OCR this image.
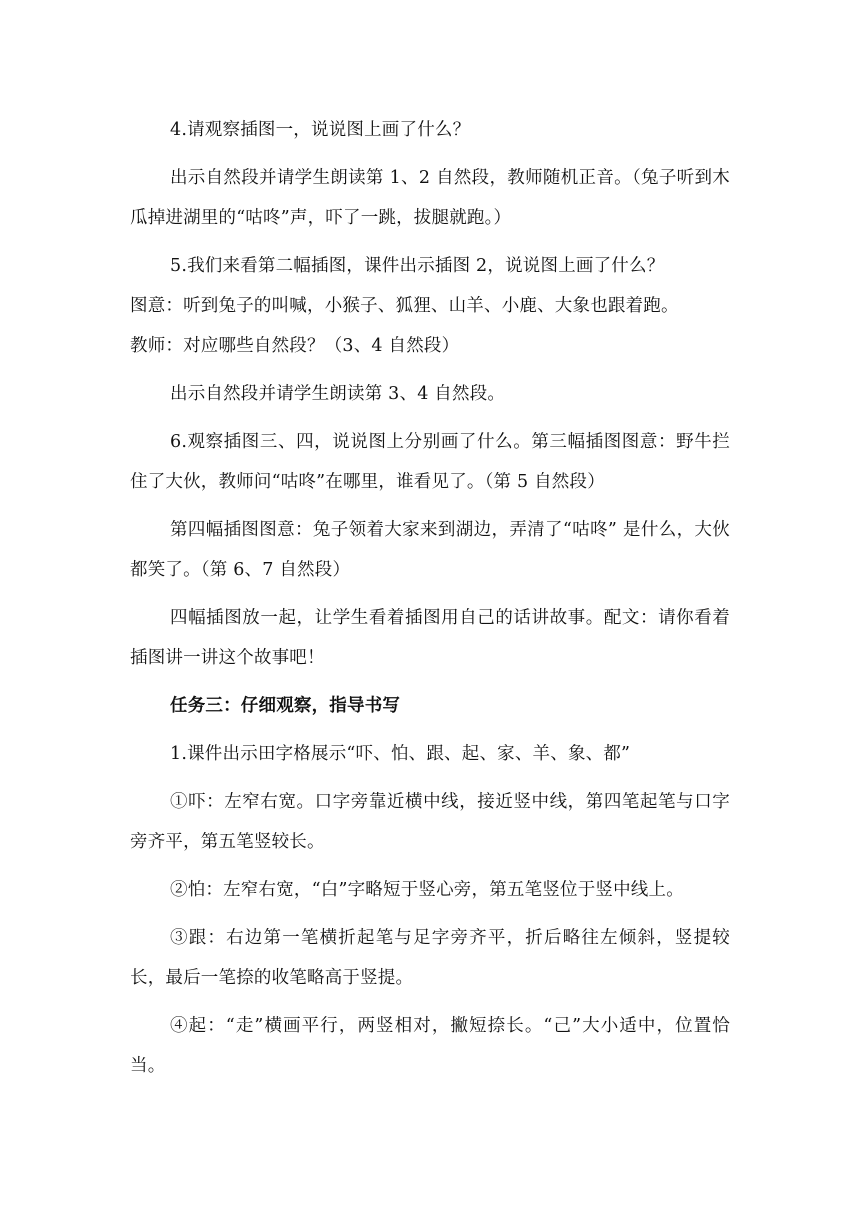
4.请观察插图一，说说图上画了什么？

出示自然段并请学生朗读第 1、2 自然段，教师随机正音。（兔子听到木瓜掉进湖里的“咕咚”声，吓了一跳，拔腿就跑。）

5.我们来看第二幅插图，课件出示插图 2，说说图上画了什么？

图意：听到兔子的叫喊，小猴子、狐狸、山羊、小鹿、大象也跟着跑。

教师：对应哪些自然段？（3、4 自然段）

出示自然段并请学生朗读第 3、4 自然段。

6.观察插图三、四，说说图上分别画了什么。第三幅插图图意：野牛拦住了大伙，教师问“咕咚”在哪里，谁看见了。（第 5 自然段）

第四幅插图图意：兔子领着大家来到湖边，弄清了“咕咚” 是什么，大伙都笑了。（第 6、7 自然段）

四幅插图放一起，让学生看着插图用自己的话讲故事。配文：请你看着插图讲一讲这个故事吧！

任务三：仔细观察，指导书写

1.课件出示田字格展示“吓、怕、跟、起、家、羊、象、都”

①吓：左窄右宽。口字旁靠近横中线，接近竖中线，第四笔起笔与口字旁齐平，第五笔竖较长。

②怕：左窄右宽，“白”字略短于竖心旁，第五笔竖位于竖中线上。

③跟：右边第一笔横折起笔与足字旁齐平，折后略往左倾斜，竖提较长，最后一笔捺的收笔略高于竖提。

④起：“走”横画平行，两竖相对，撇短捺长。“己”大小适中，位置恰当。
